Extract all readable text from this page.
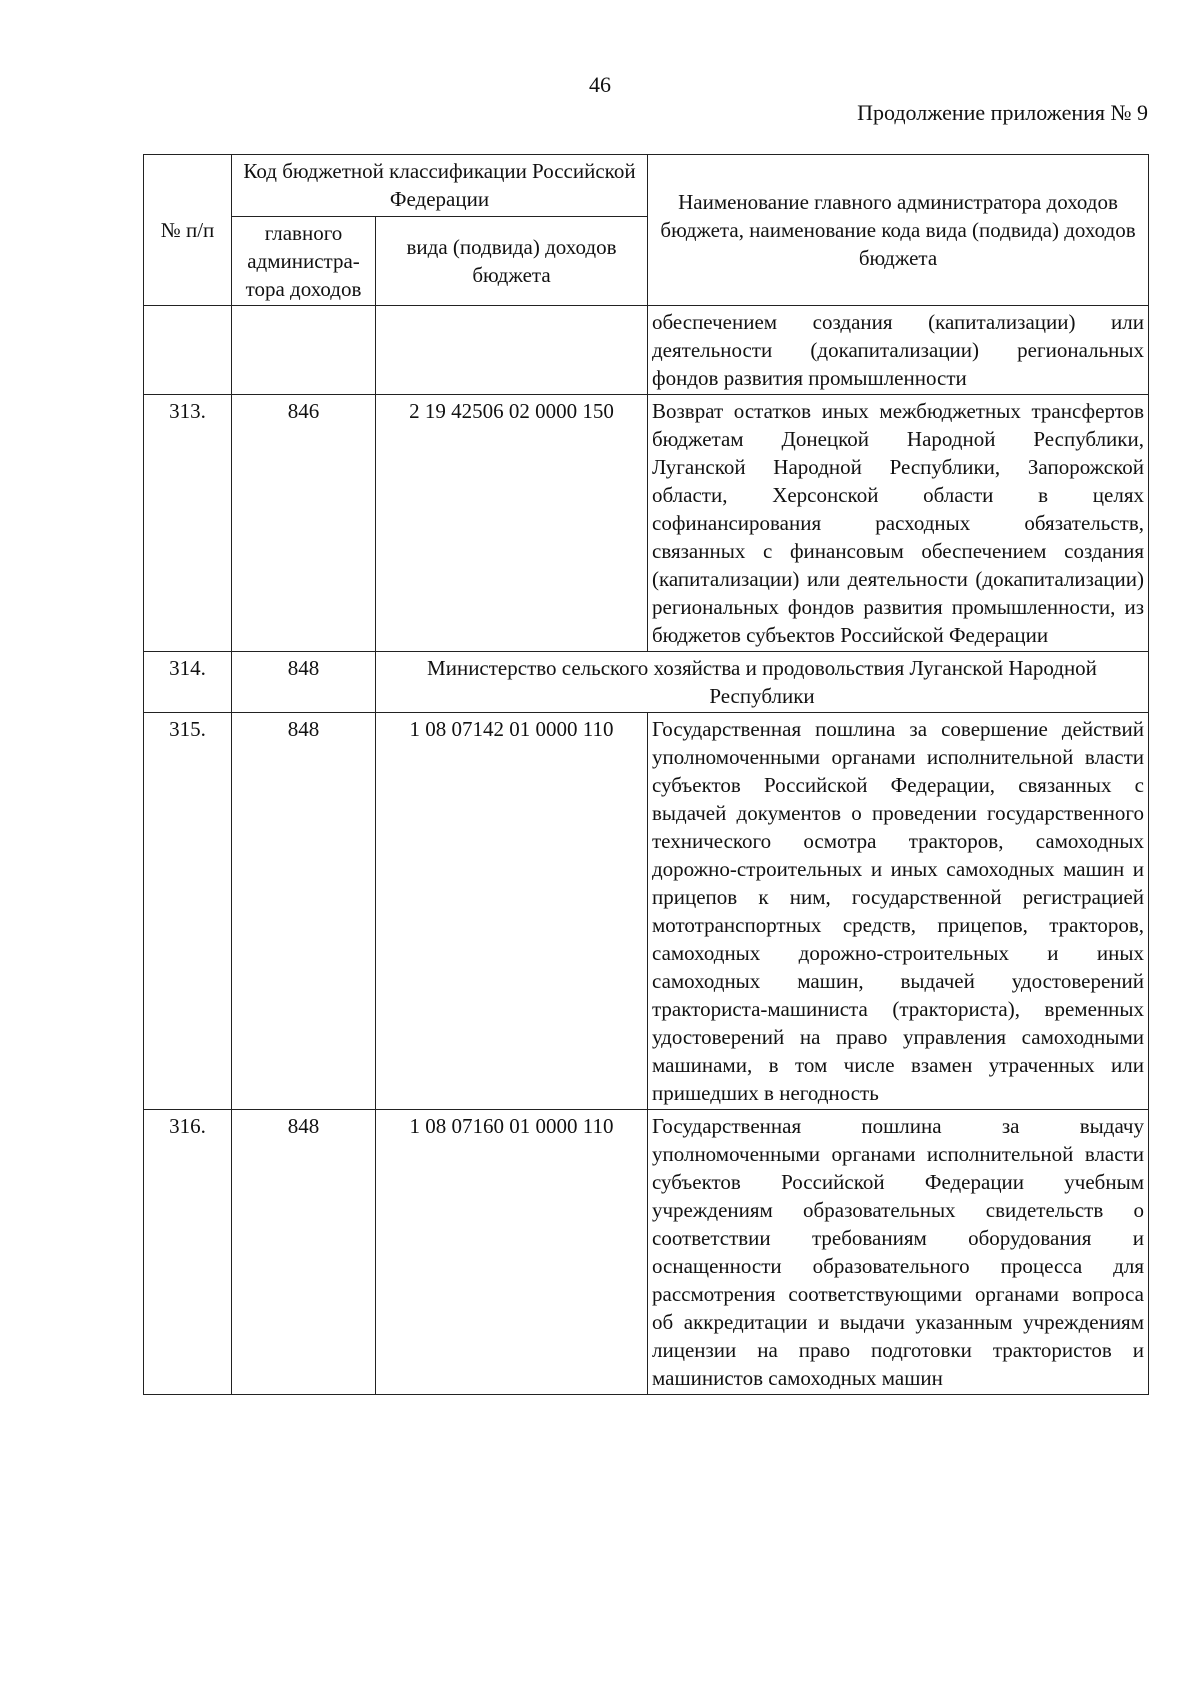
46
Продолжение приложения № 9
№ п/п	Код бюджетной классификации Российской Федерации		Наименование главного администратора доходов бюджета, наименование кода вида (подвида) доходов бюджета
	главного администра-тора доходов	вида (подвида) доходов бюджета	
			обеспечением создания (капитализации) или деятельности (докапитализации) региональных фондов развития промышленности
313.	846	2 19 42506 02 0000 150	Возврат остатков иных межбюджетных трансфертов бюджетам Донецкой Народной Республики, Луганской Народной Республики, Запорожской области, Херсонской области в целях софинансирования расходных обязательств, связанных с финансовым обеспечением создания (капитализации) или деятельности (докапитализации) региональных фондов развития промышленности, из бюджетов субъектов Российской Федерации
314.	848	Министерство сельского хозяйства и продовольствия Луганской Народной Республики	
315.	848	1 08 07142 01 0000 110	Государственная пошлина за совершение действий уполномоченными органами исполнительной власти субъектов Российской Федерации, связанных с выдачей документов о проведении государственного технического осмотра тракторов, самоходных дорожно-строительных и иных самоходных машин и прицепов к ним, государственной регистрацией мототранспортных средств, прицепов, тракторов, самоходных дорожно-строительных и иных самоходных машин, выдачей удостоверений тракториста-машиниста (тракториста), временных удостоверений на право управления самоходными машинами, в том числе взамен утраченных или пришедших в негодность
316.	848	1 08 07160 01 0000 110	Государственная пошлина за выдачу уполномоченными органами исполнительной власти субъектов Российской Федерации учебным учреждениям образовательных свидетельств о соответствии требованиям оборудования и оснащенности образовательного процесса для рассмотрения соответствующими органами вопроса об аккредитации и выдачи указанным учреждениям лицензии на право подготовки трактористов и машинистов самоходных машин
